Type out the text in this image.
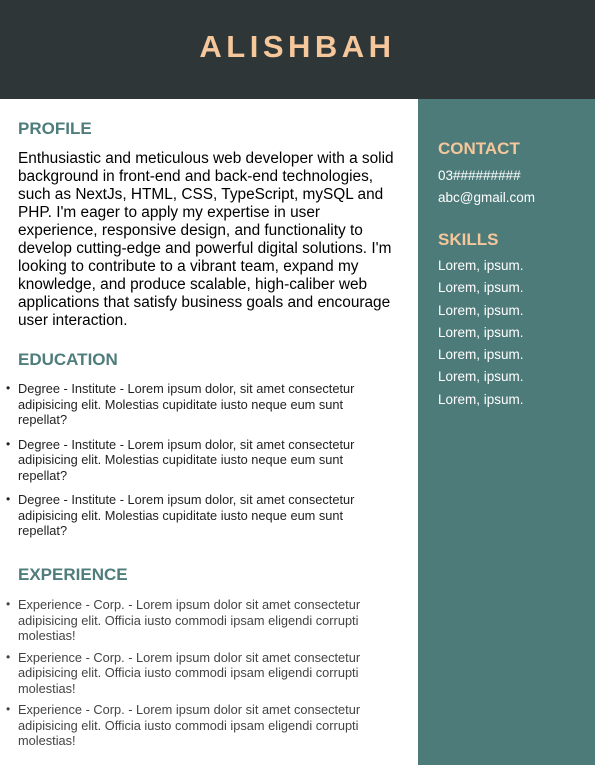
ALISHBAH
PROFILE

Enthusiastic and meticulous web developer with a solid background in front-end and back-end technologies, such as NextJs, HTML, CSS, TypeScript, mySQL and PHP. I'm eager to apply my expertise in user experience, responsive design, and functionality to develop cutting-edge and powerful digital solutions. I'm looking to contribute to a vibrant team, expand my knowledge, and produce scalable, high-caliber web applications that satisfy business goals and encourage user interaction.

EDUCATION
• Degree - Institute - Lorem ipsum dolor, sit amet consectetur adipisicing elit. Molestias cupiditate iusto neque eum sunt repellat?
• Degree - Institute - Lorem ipsum dolor, sit amet consectetur adipisicing elit. Molestias cupiditate iusto neque eum sunt repellat?
• Degree - Institute - Lorem ipsum dolor, sit amet consectetur adipisicing elit. Molestias cupiditate iusto neque eum sunt repellat?
EXPERIENCE
• Experience - Corp. - Lorem ipsum dolor sit amet consectetur adipisicing elit. Officia iusto commodi ipsam eligendi corrupti molestias!
• Experience - Corp. - Lorem ipsum dolor sit amet consectetur adipisicing elit. Officia iusto commodi ipsam eligendi corrupti molestias!
• Experience - Corp. - Lorem ipsum dolor sit amet consectetur adipisicing elit. Officia iusto commodi ipsam eligendi corrupti molestias!
CONTACT

03#########

abc@gmail.com

SKILLS
Lorem, ipsum.
Lorem, ipsum.
Lorem, ipsum.
Lorem, ipsum.
Lorem, ipsum.
Lorem, ipsum.
Lorem, ipsum.
